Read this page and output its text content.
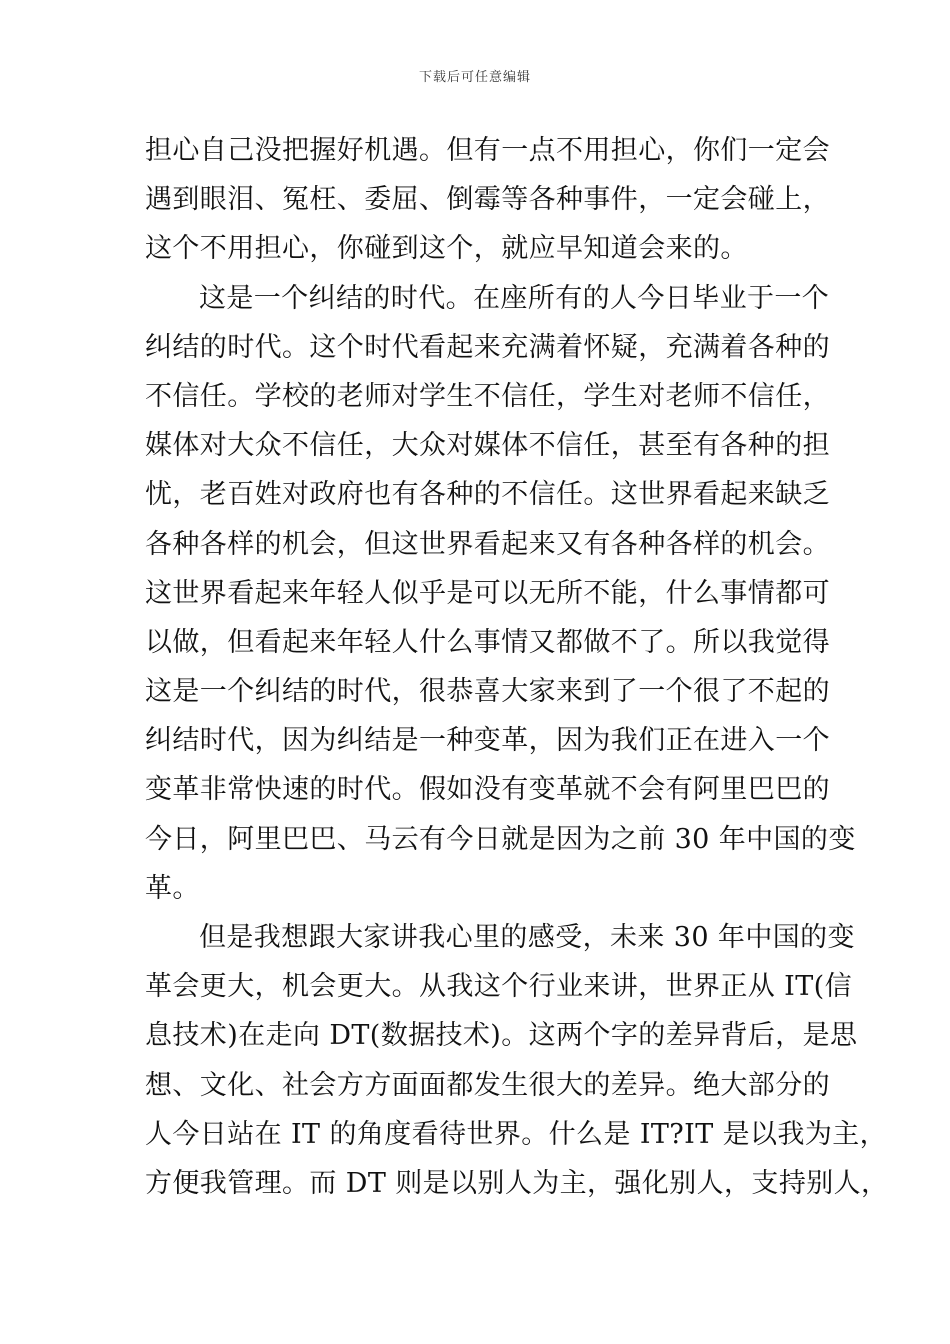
下载后可任意编辑
担心自己没把握好机遇。但有一点不用担心，你们一定会
遇到眼泪、冤枉、委屈、倒霉等各种事件，一定会碰上，
这个不用担心，你碰到这个，就应早知道会来的。
这是一个纠结的时代。在座所有的人今日毕业于一个
纠结的时代。这个时代看起来充满着怀疑，充满着各种的
不信任。学校的老师对学生不信任，学生对老师不信任，
媒体对大众不信任，大众对媒体不信任，甚至有各种的担
忧，老百姓对政府也有各种的不信任。这世界看起来缺乏
各种各样的机会，但这世界看起来又有各种各样的机会。
这世界看起来年轻人似乎是可以无所不能，什么事情都可
以做，但看起来年轻人什么事情又都做不了。所以我觉得
这是一个纠结的时代，很恭喜大家来到了一个很了不起的
纠结时代，因为纠结是一种变革，因为我们正在进入一个
变革非常快速的时代。假如没有变革就不会有阿里巴巴的
今日，阿里巴巴、马云有今日就是因为之前 30 年中国的变
革。
但是我想跟大家讲我心里的感受，未来 30 年中国的变
革会更大，机会更大。从我这个行业来讲，世界正从 IT(信
息技术)在走向 DT(数据技术)。这两个字的差异背后，是思
想、文化、社会方方面面都发生很大的差异。绝大部分的
人今日站在 IT 的角度看待世界。什么是 IT?IT 是以我为主，
方便我管理。而 DT 则是以别人为主，强化别人，支持别人，
